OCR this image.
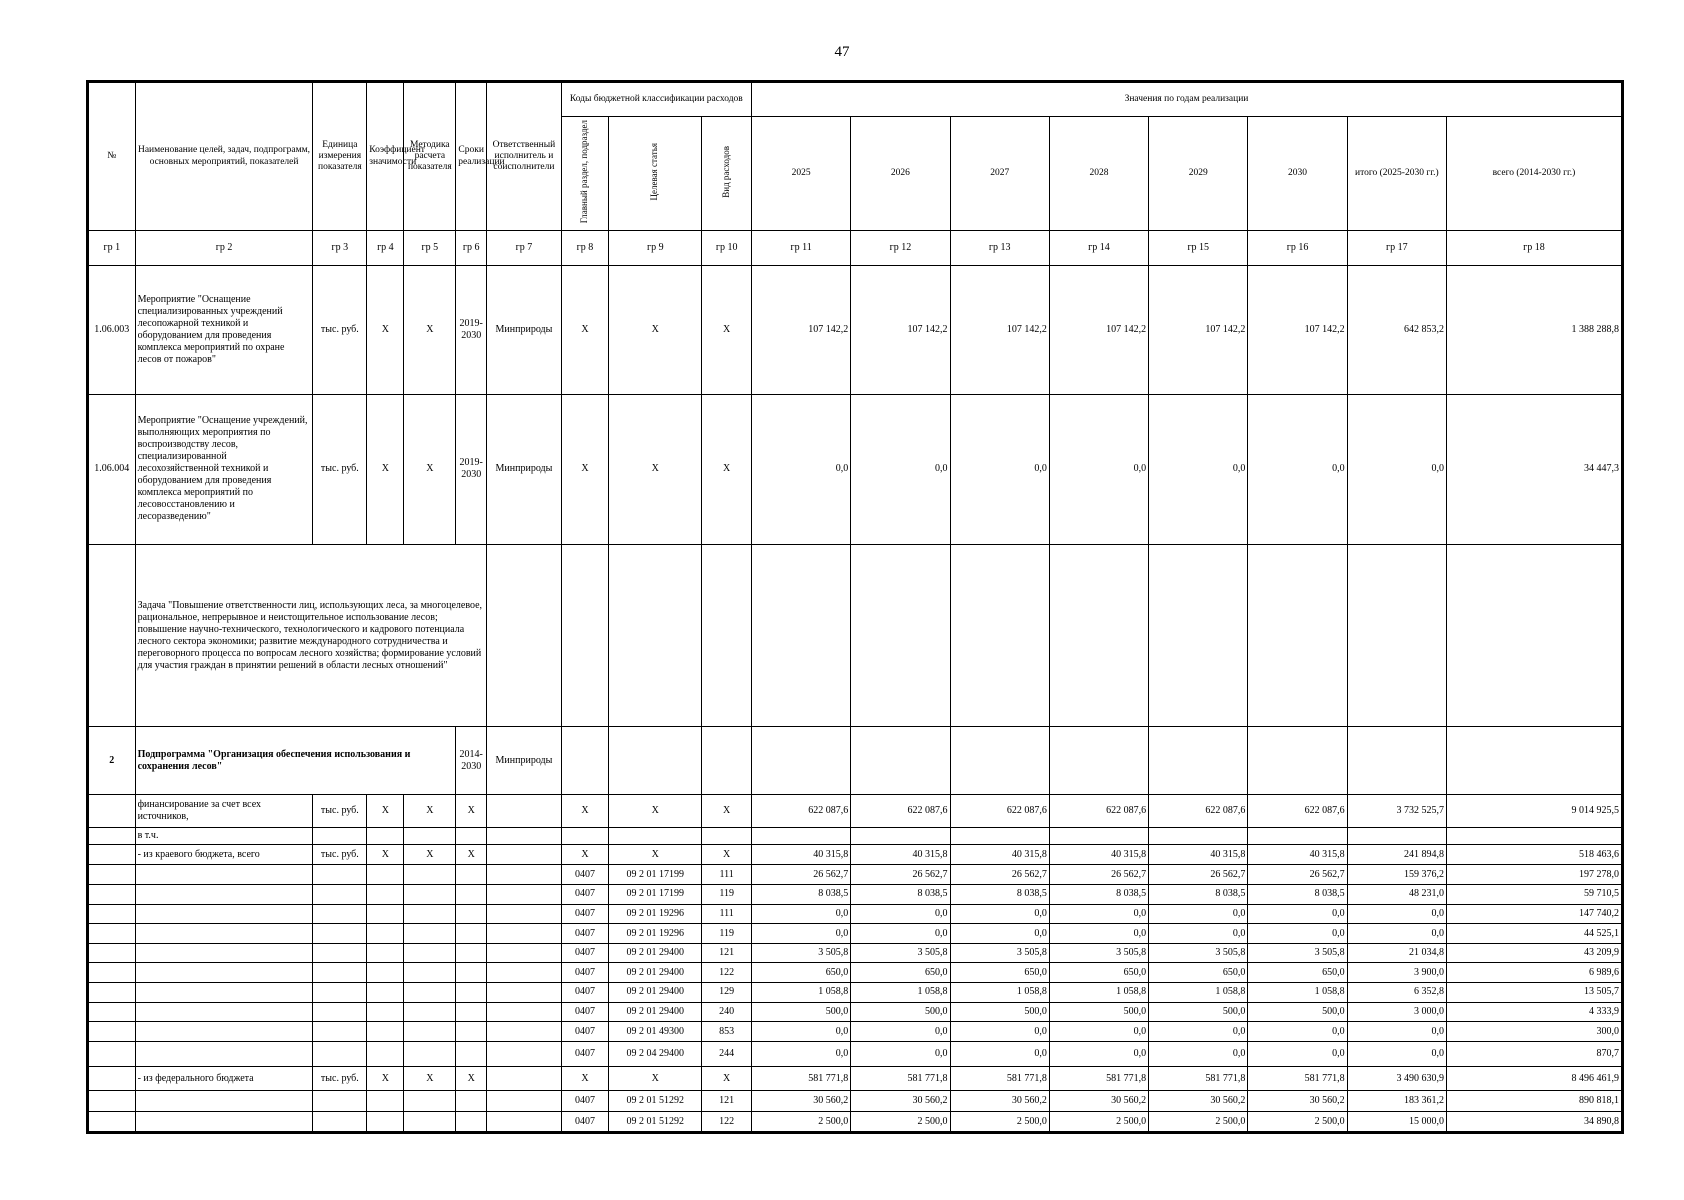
47
№	Наименование целей, задач, подпрограмм, основных мероприятий, показателей	Единица измерения показателя	Коэффициент значимости	Методика расчета показателя	Сроки реализации	Ответственный исполнитель и соисполнители	Коды бюджетной классификации расходов			Значения по годам реализации							
							Главный раздел, подраздел	Целевая статья	Вид расходов	2025	2026	2027	2028	2029	2030	итого (2025-2030 гг.)	всего (2014-2030 гг.)
гр 1	гр 2	гр 3	гр 4	гр 5	гр 6	гр 7	гр 8	гр 9	гр 10	гр 11	гр 12	гр 13	гр 14	гр 15	гр 16	гр 17	гр 18
1.06.003	Мероприятие "Оснащение специализированных учреждений лесопожарной техникой и оборудованием для проведения комплекса мероприятий по охране лесов от пожаров"	тыс. руб.	Х	Х	2019-2030	Минприроды	Х	Х	Х	107 142,2	107 142,2	107 142,2	107 142,2	107 142,2	107 142,2	642 853,2	1 388 288,8
1.06.004	Мероприятие "Оснащение учреждений, выполняющих мероприятия по воспроизводству лесов, специализированной лесохозяйственной техникой и оборудованием для проведения комплекса мероприятий по лесовосстановлению и лесоразведению"	тыс. руб.	Х	Х	2019-2030	Минприроды	Х	Х	Х	0,0	0,0	0,0	0,0	0,0	0,0	0,0	34 447,3
	Задача "Повышение ответственности лиц, использующих леса, за многоцелевое, рациональное, непрерывное и неистощительное использование лесов; повышение научно-технического, технологического и кадрового потенциала лесного сектора экономики; развитие международного сотрудничества и переговорного процесса по вопросам лесного хозяйства; формирование условий для участия граждан в принятии решений в области лесных отношений"																
2	Подпрограмма "Организация обеспечения использования и сохранения лесов"				2014-2030	Минприроды											
	финансирование за счет всех источников,	тыс. руб.	Х	Х	Х		Х	Х	Х	622 087,6	622 087,6	622 087,6	622 087,6	622 087,6	622 087,6	3 732 525,7	9 014 925,5
	в т.ч.																
	- из краевого бюджета, всего	тыс. руб.	Х	Х	Х		Х	Х	Х	40 315,8	40 315,8	40 315,8	40 315,8	40 315,8	40 315,8	241 894,8	518 463,6
							0407	09 2 01 17199	111	26 562,7	26 562,7	26 562,7	26 562,7	26 562,7	26 562,7	159 376,2	197 278,0
							0407	09 2 01 17199	119	8 038,5	8 038,5	8 038,5	8 038,5	8 038,5	8 038,5	48 231,0	59 710,5
							0407	09 2 01 19296	111	0,0	0,0	0,0	0,0	0,0	0,0	0,0	147 740,2
							0407	09 2 01 19296	119	0,0	0,0	0,0	0,0	0,0	0,0	0,0	44 525,1
							0407	09 2 01 29400	121	3 505,8	3 505,8	3 505,8	3 505,8	3 505,8	3 505,8	21 034,8	43 209,9
							0407	09 2 01 29400	122	650,0	650,0	650,0	650,0	650,0	650,0	3 900,0	6 989,6
							0407	09 2 01 29400	129	1 058,8	1 058,8	1 058,8	1 058,8	1 058,8	1 058,8	6 352,8	13 505,7
							0407	09 2 01 29400	240	500,0	500,0	500,0	500,0	500,0	500,0	3 000,0	4 333,9
							0407	09 2 01 49300	853	0,0	0,0	0,0	0,0	0,0	0,0	0,0	300,0
							0407	09 2 04 29400	244	0,0	0,0	0,0	0,0	0,0	0,0	0,0	870,7
	- из федерального бюджета	тыс. руб.	Х	Х	Х		Х	Х	Х	581 771,8	581 771,8	581 771,8	581 771,8	581 771,8	581 771,8	3 490 630,9	8 496 461,9
							0407	09 2 01 51292	121	30 560,2	30 560,2	30 560,2	30 560,2	30 560,2	30 560,2	183 361,2	890 818,1
							0407	09 2 01 51292	122	2 500,0	2 500,0	2 500,0	2 500,0	2 500,0	2 500,0	15 000,0	34 890,8
